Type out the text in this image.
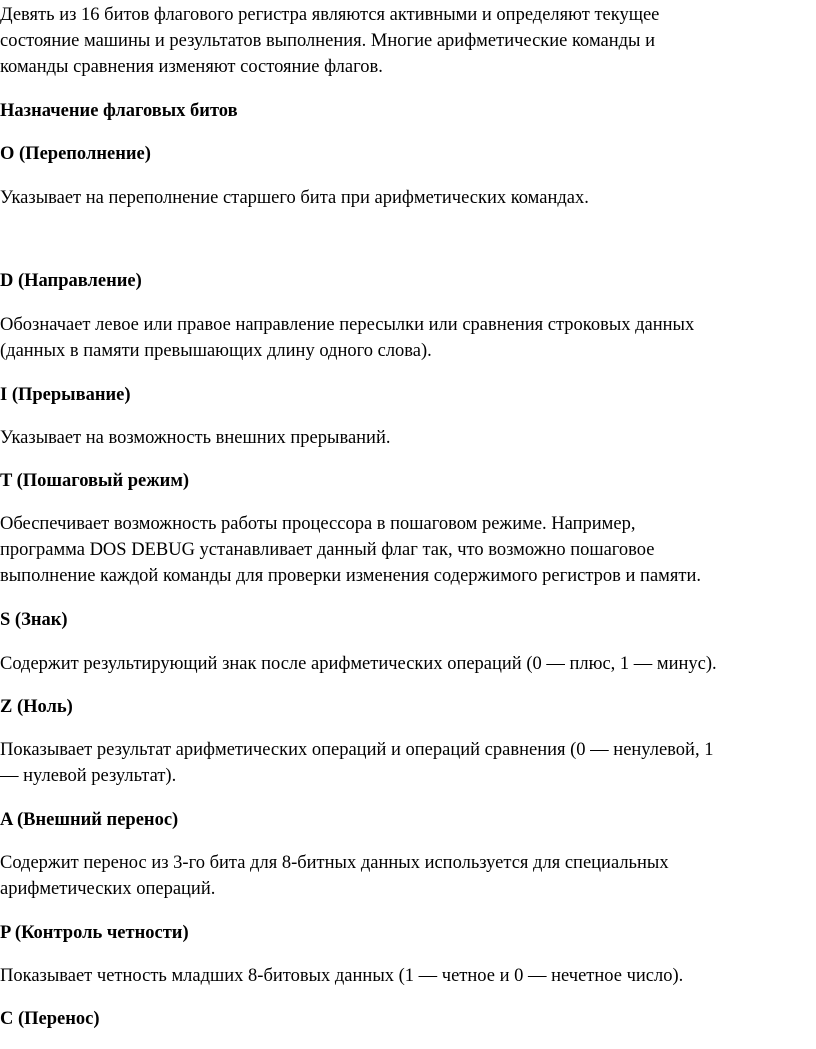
Девять из 16 битов флагового регистра являются активными и определяют текущее
состояние машины и результатов выполнения. Многие арифметические команды и
команды сравнения изменяют состояние флагов.

Назначение флаговых битов

O (Переполнение)

Указывает на переполнение старшего бита при арифметических командах.

D (Направление)

Обозначает левое или правое направление пересылки или сравнения строковых данных
(данных в памяти превышающих длину одного слова).

I (Прерывание)

Указывает на возможность внешних прерываний.

T (Пошаговый режим)

Обеспечивает возможность работы процессора в пошаговом режиме. Например,
программа DOS DEBUG устанавливает данный флаг так, что возможно пошаговое
выполнение каждой команды для проверки изменения содержимого регистров и памяти.

S (Знак)

Содержит результирующий знак после арифметических операций (0 — плюс, 1 — минус).

Z (Ноль)

Показывает результат арифметических операций и операций сравнения (0 — ненулевой, 1
— нулевой результат).

A (Внешний перенос)

Содержит перенос из 3-го бита для 8-битных данных используется для специальных
арифметических операций.

P (Контроль четности)

Показывает четность младших 8-битовых данных (1 — четное и 0 — нечетное число).

C (Перенос)
